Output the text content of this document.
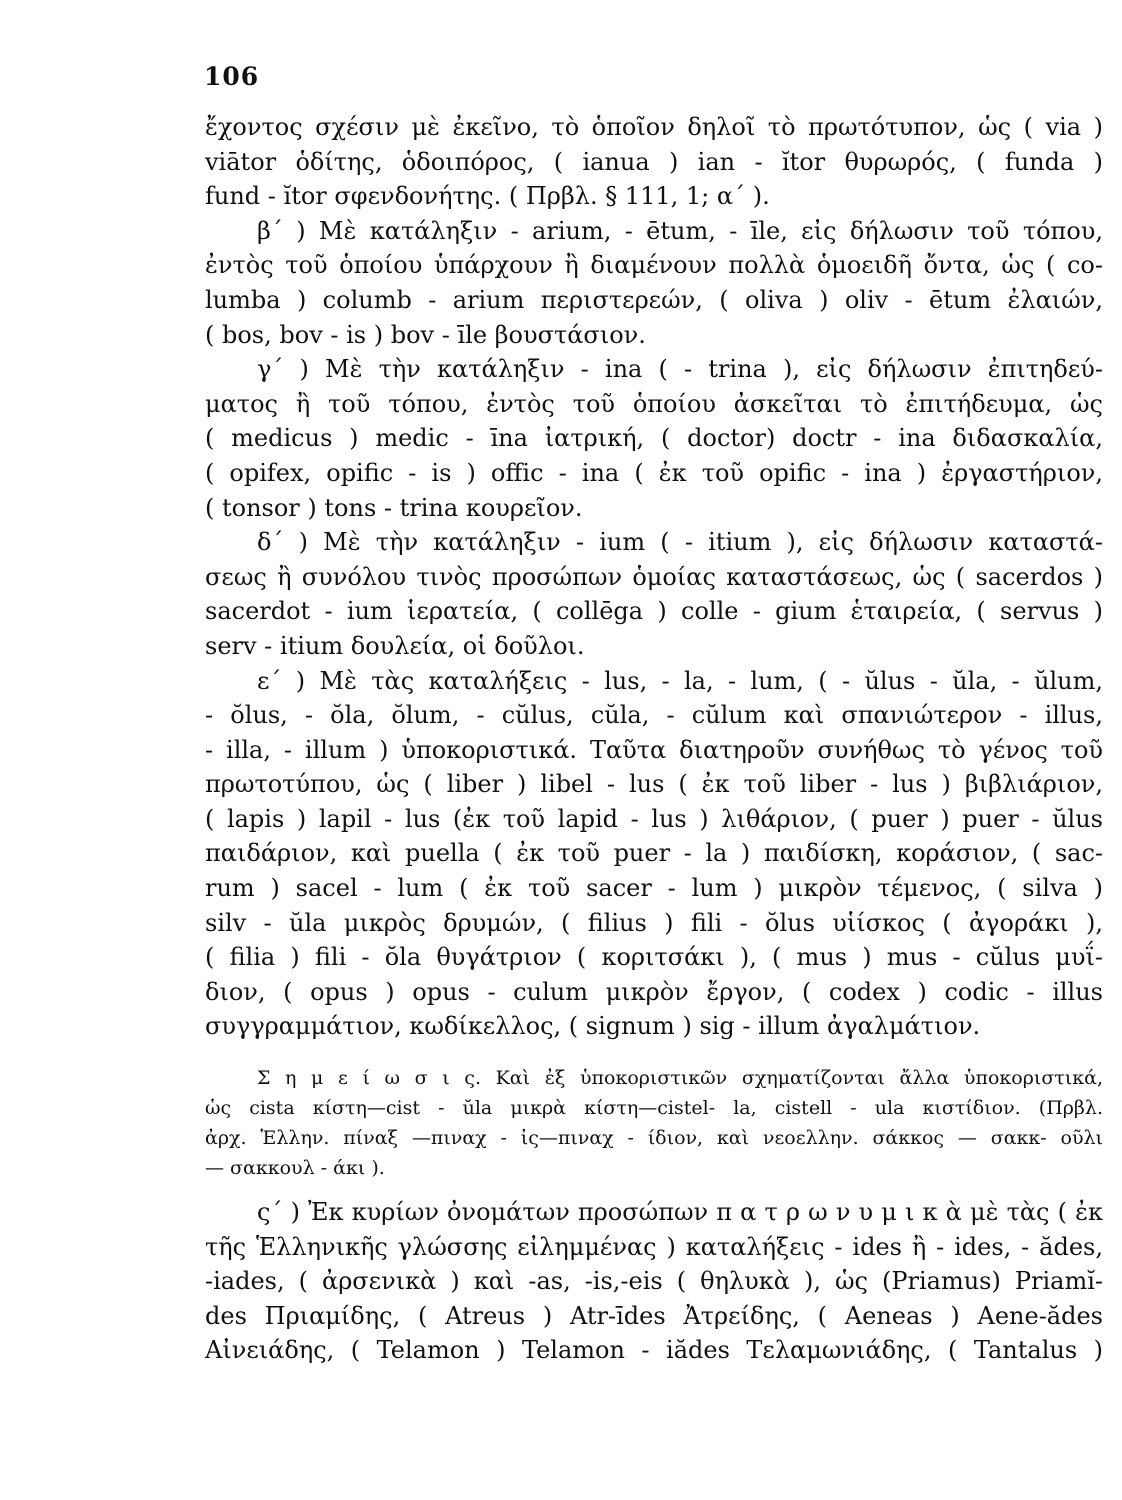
106
ἔχοντος σχέσιν μὲ ἐκεῖνο, τὸ ὁποῖον δηλοῖ τὸ πρωτότυπον, ὡς ( via )
viātor ὁδίτης, ὁδοιπόρος, ( ianua ) ian - ĭtor θυρωρός, ( funda )
fund - ĭtor σφενδονήτης. ( Πρβλ. § 111, 1; α΄ ).
β΄ ) Μὲ κατάληξιν - arium, - ētum, - īle, εἰς δήλωσιν τοῦ τόπου,
ἐντὸς τοῦ ὁποίου ὑπάρχουν ἢ διαμένουν πολλὰ ὁμοειδῆ ὄντα, ὡς ( co-
lumba ) columb - arium περιστερεών, ( oliva ) oliv - ētum ἐλαιών,
( bos, bov - is ) bov - īle βουστάσιον.
γ΄ ) Μὲ τὴν κατάληξιν - ina ( - trina ), εἰς δήλωσιν ἐπιτηδεύ-
ματος ἢ τοῦ τόπου, ἐντὸς τοῦ ὁποίου ἀσκεῖται τὸ ἐπιτήδευμα, ὡς
( medicus ) medic - īna ἰατρική, ( doctor) doctr - ina διδασκαλία,
( opifex, opific - is ) offic - ina ( ἐκ τοῦ opific - ina ) ἐργαστήριον,
( tonsor ) tons - trina κουρεῖον.
δ΄ ) Μὲ τὴν κατάληξιν - ium ( - itium ), εἰς δήλωσιν καταστά-
σεως ἢ συνόλου τινὸς προσώπων ὁμοίας καταστάσεως, ὡς ( sacerdos )
sacerdot - ium ἱερατεία, ( collēga ) colle - gium ἑταιρεία, ( servus )
serv - itium δουλεία, οἱ δοῦλοι.
ε΄ ) Μὲ τὰς καταλήξεις - lus, - la, - lum, ( - ŭlus - ŭla, - ŭlum,
- ŏlus, - ŏla, ŏlum, - cŭlus, cŭla, - cŭlum καὶ σπανιώτερον - illus,
- illa, - illum ) ὑποκοριστικά. Ταῦτα διατηροῦν συνήθως τὸ γένος τοῦ
πρωτοτύπου, ὡς ( liber ) libel - lus ( ἐκ τοῦ liber - lus ) βιβλιάριον,
( lapis ) lapil - lus (ἐκ τοῦ lapid - lus ) λιθάριον, ( puer ) puer - ŭlus
παιδάριον, καὶ puella ( ἐκ τοῦ puer - la ) παιδίσκη, κοράσιον, ( sac-
rum ) sacel - lum ( ἐκ τοῦ sacer - lum ) μικρὸν τέμενος, ( silva )
silv - ŭla μικρὸς δρυμών, ( filius ) fili - ŏlus υἱίσκος ( ἀγοράκι ),
( filia ) fili - ŏla θυγάτριον ( κοριτσάκι ), ( mus ) mus - cŭlus μυΐ-
διον, ( opus ) opus - culum μικρὸν ἔργον, ( codex ) codic - illus
συγγραμμάτιον, κωδίκελλος, ( signum ) sig - illum ἀγαλμάτιον.
Σ η μ ε ί ω σ ι ς. Καὶ ἐξ ὑποκοριστικῶν σχηματίζονται ἄλλα ὑποκοριστικά,
ὡς cista κίστη—cist - ŭla μικρὰ κίστη—cistel- la, cistell - ula κιστίδιον. (Πρβλ.
ἀρχ. Ἑλλην. πίναξ —πιναχ - ἰς—πιναχ - ίδιον, καὶ νεοελλην. σάκκος — σακκ- οῦλι
— σακκουλ - άκι ).
ς΄ ) Ἐκ κυρίων ὀνομάτων προσώπων π α τ ρ ω ν υ μ ι κ ὰ μὲ τὰς ( ἐκ
τῆς Ἑλληνικῆς γλώσσης εἰλημμένας ) καταλήξεις - ides ἢ - ides, - ădes,
-iades, ( ἀρσενικὰ ) καὶ -as, -is,-eis ( θηλυκὰ ), ὡς (Priamus) Priamĭ-
des Πριαμίδης, ( Atreus ) Atr-īdes Ἀτρείδης, ( Aeneas ) Aene-ădes
Αἰνειάδης, ( Telamon ) Telamon - iădes Τελαμωνιάδης, ( Tantalus )
